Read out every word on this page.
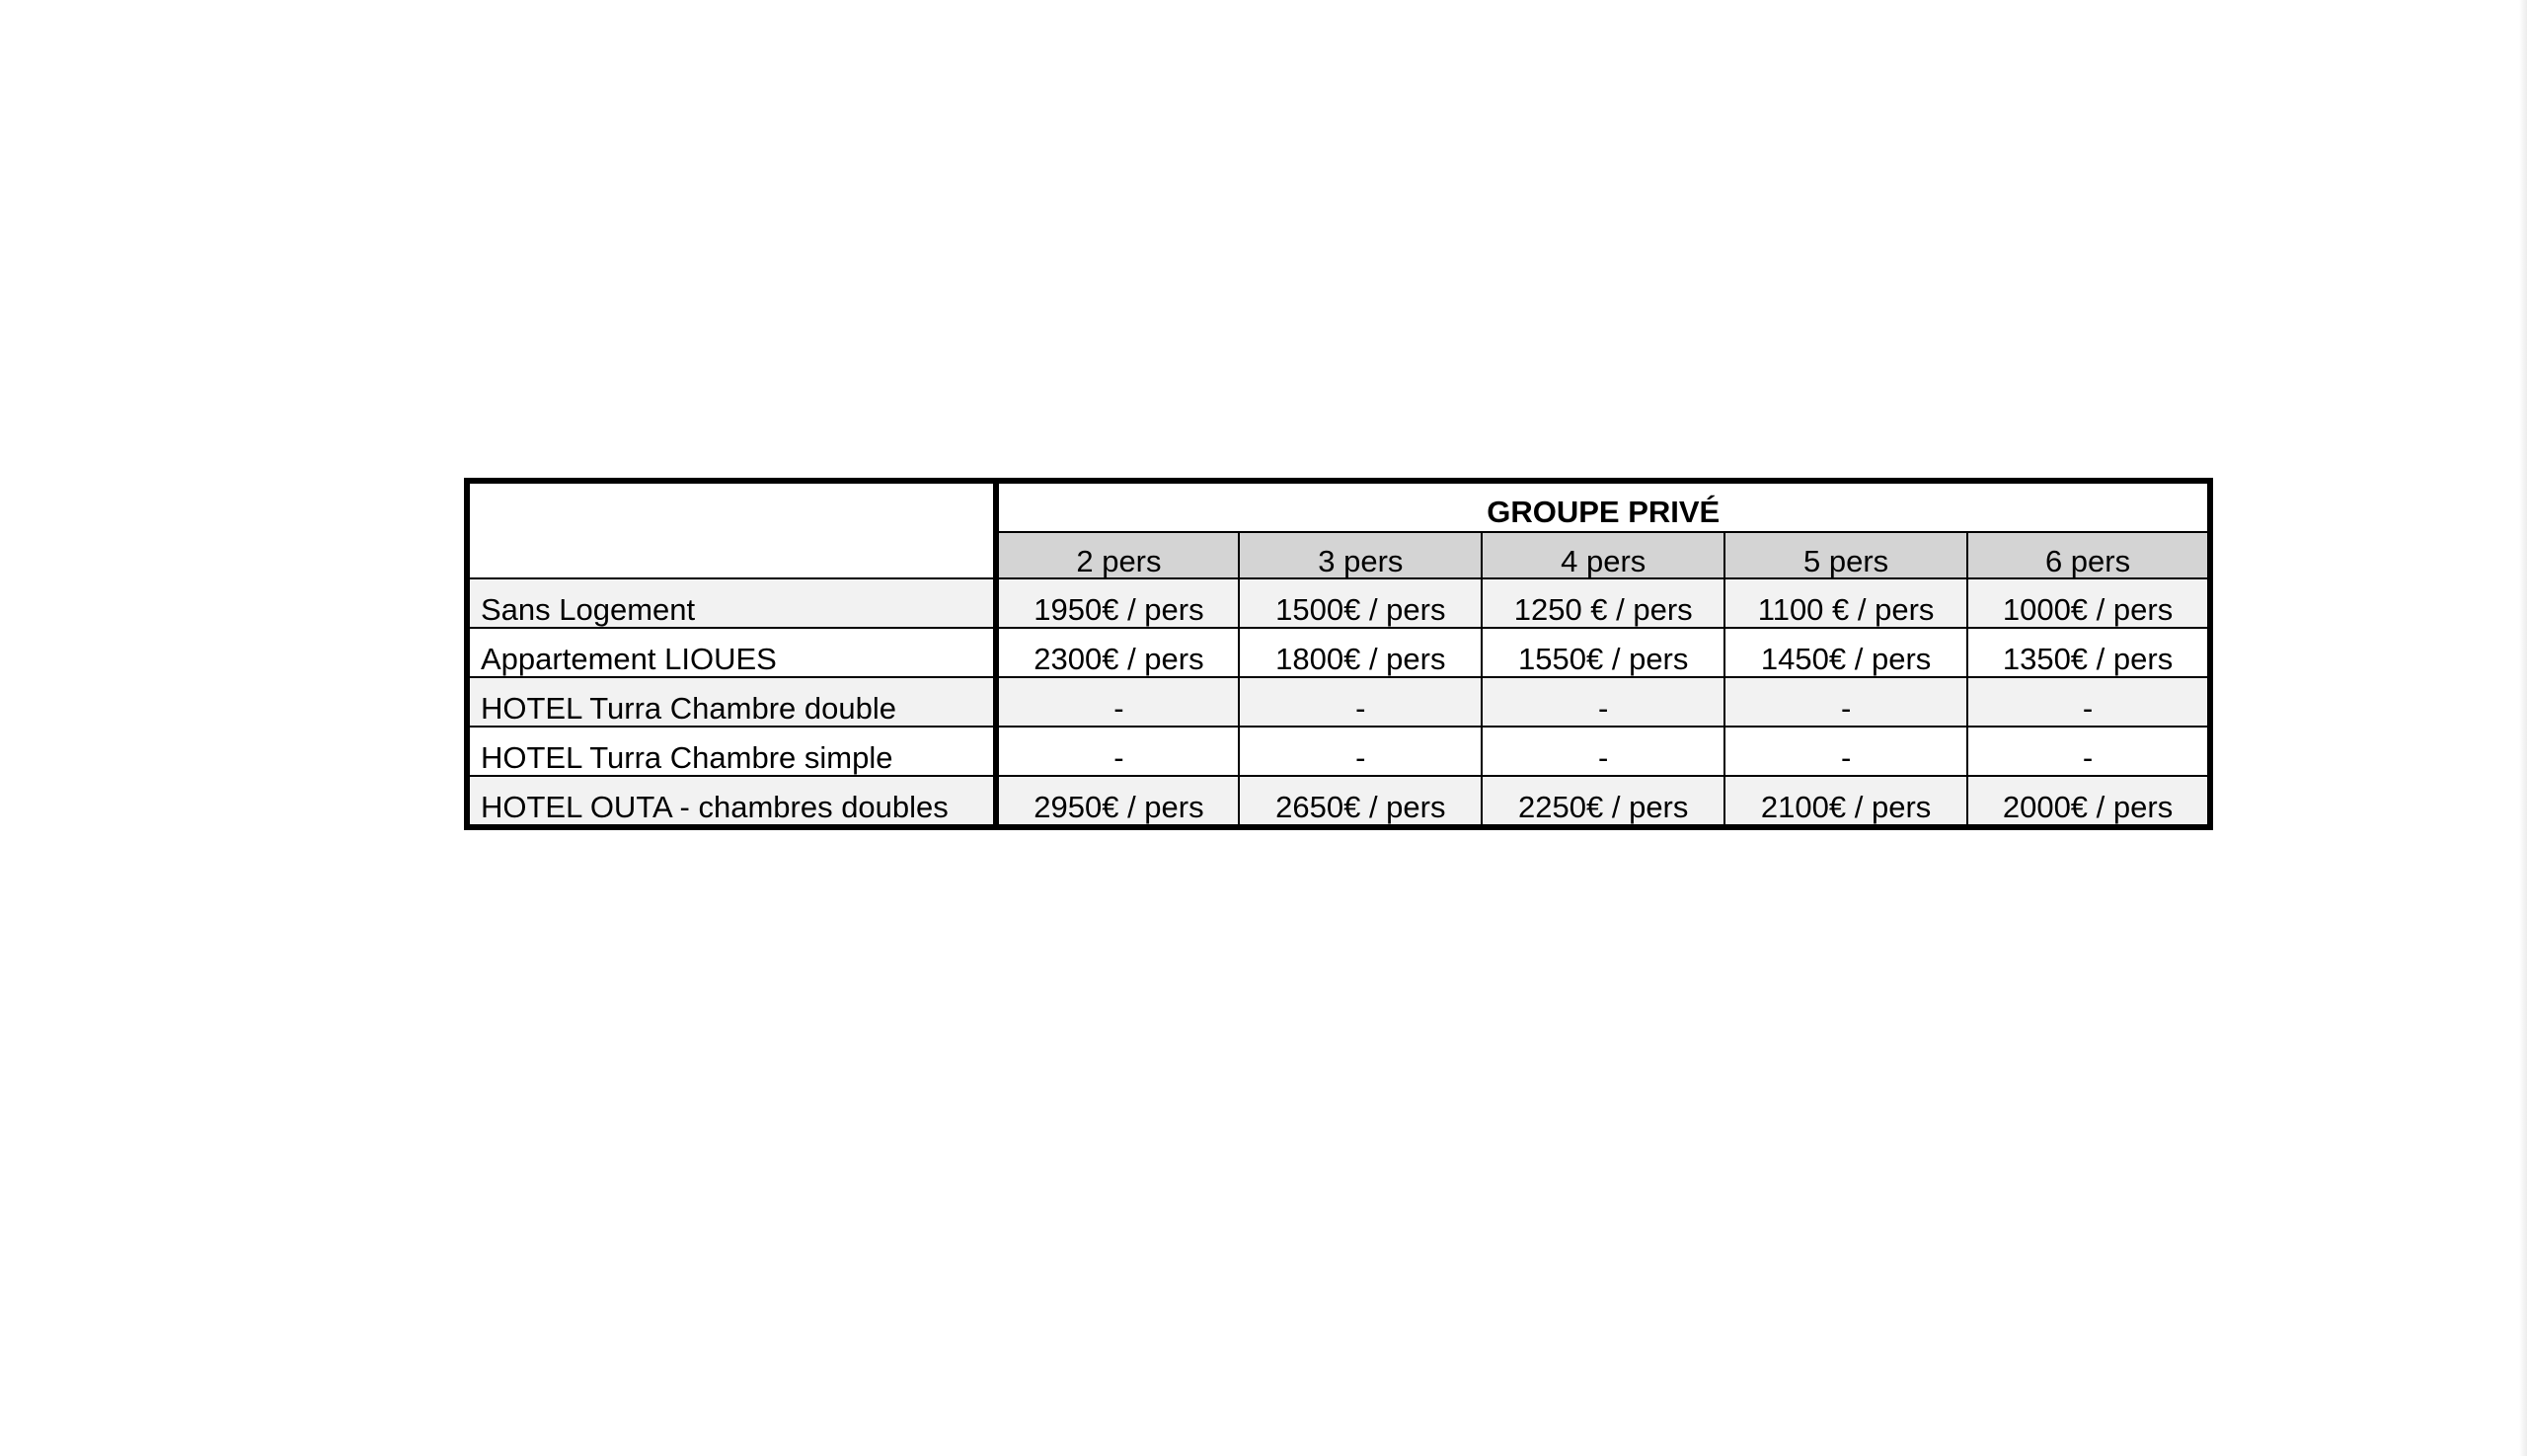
	GROUPE PRIVÉ				
	2 pers	3 pers	4 pers	5 pers	6 pers
Sans Logement	1950€ / pers	1500€ / pers	1250 € / pers	1100 € / pers	1000€ / pers
Appartement LIOUES	2300€ / pers	1800€ / pers	1550€ / pers	1450€ / pers	1350€ / pers
HOTEL Turra Chambre double	-	-	-	-	-
HOTEL Turra Chambre simple	-	-	-	-	-
HOTEL OUTA - chambres doubles	2950€ / pers	2650€ / pers	2250€ / pers	2100€ / pers	2000€ / pers
